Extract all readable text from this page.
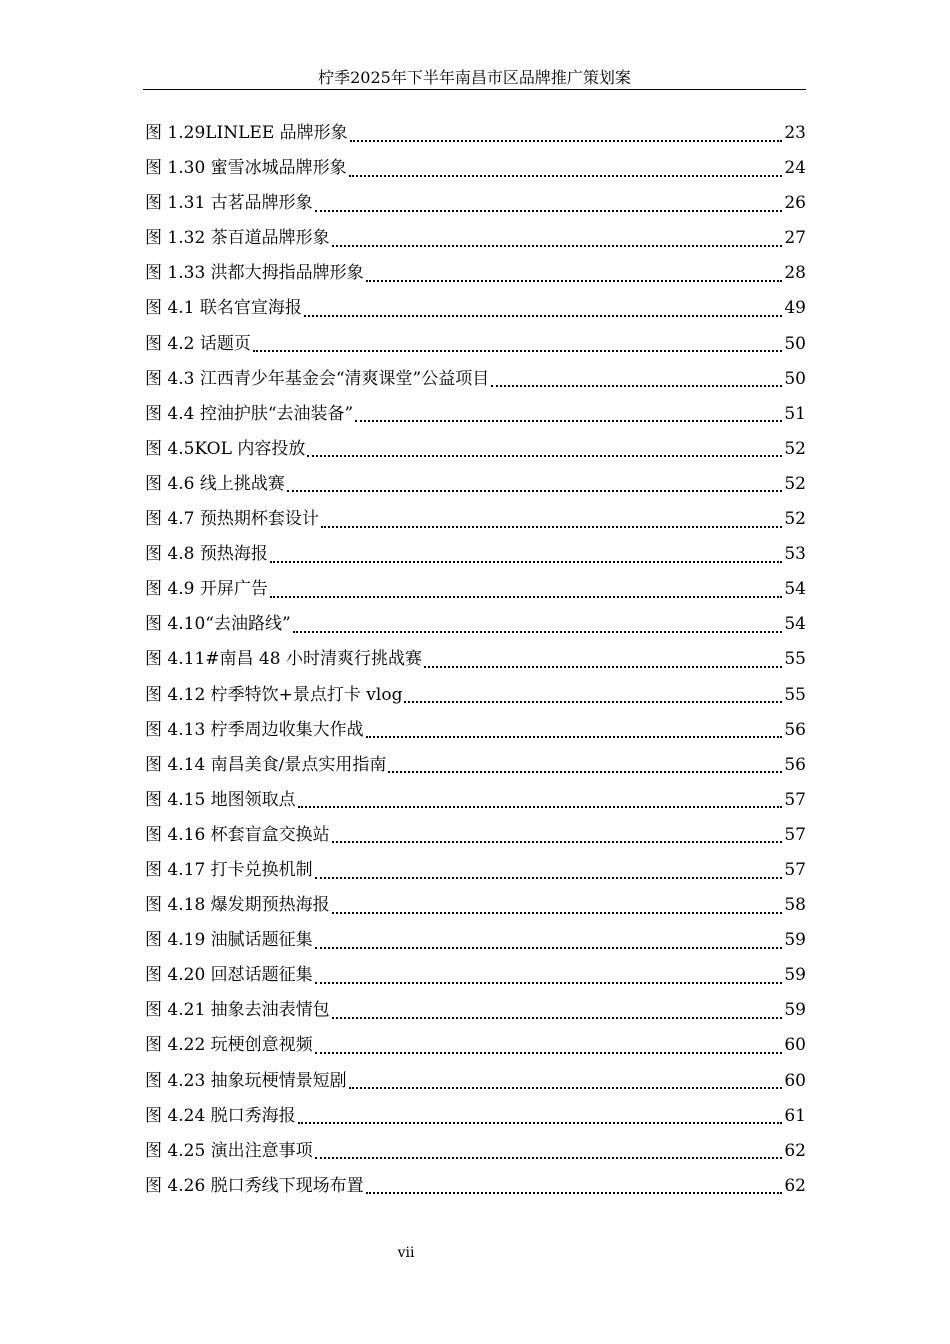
柠季2025年下半年南昌市区品牌推广策划案
图 1.29LINLEE 品牌形象	23
图 1.30 蜜雪冰城品牌形象	24
图 1.31 古茗品牌形象	26
图 1.32 茶百道品牌形象	27
图 1.33 洪都大拇指品牌形象	28
图 4.1 联名官宣海报	49
图 4.2 话题页	50
图 4.3 江西青少年基金会“清爽课堂”公益项目	50
图 4.4 控油护肤“去油装备”	51
图 4.5KOL 内容投放	52
图 4.6 线上挑战赛	52
图 4.7 预热期杯套设计	52
图 4.8 预热海报	53
图 4.9 开屏广告	54
图 4.10“去油路线”	54
图 4.11#南昌 48 小时清爽行挑战赛	55
图 4.12 柠季特饮+景点打卡 vlog	55
图 4.13 柠季周边收集大作战	56
图 4.14 南昌美食/景点实用指南	56
图 4.15 地图领取点	57
图 4.16 杯套盲盒交换站	57
图 4.17 打卡兑换机制	57
图 4.18 爆发期预热海报	58
图 4.19 油腻话题征集	59
图 4.20 回怼话题征集	59
图 4.21 抽象去油表情包	59
图 4.22 玩梗创意视频	60
图 4.23 抽象玩梗情景短剧	60
图 4.24 脱口秀海报	61
图 4.25 演出注意事项	62
图 4.26 脱口秀线下现场布置	62
vii
